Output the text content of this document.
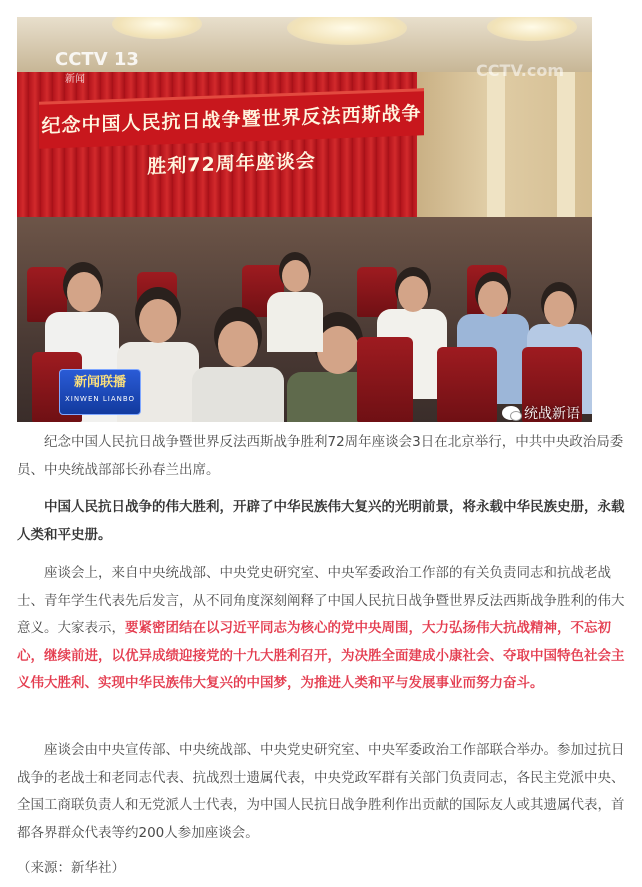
纪念中国人民抗日战争暨世界反法西斯战争胜利72周年座谈会
CCTV 13
新闻	CCTV.com
新闻联播
XINWEN LIANBO
统战新语

纪念中国人民抗日战争暨世界反法西斯战争胜利72周年座谈会3日在北京举行，中共中央政治局委员、中央统战部部长孙春兰出席。

中国人民抗日战争的伟大胜利，开辟了中华民族伟大复兴的光明前景，将永载中华民族史册，永载人类和平史册。

座谈会上，来自中央统战部、中央党史研究室、中央军委政治工作部的有关负责同志和抗战老战士、青年学生代表先后发言，从不同角度深刻阐释了中国人民抗日战争暨世界反法西斯战争胜利的伟大意义。大家表示，要紧密团结在以习近平同志为核心的党中央周围，大力弘扬伟大抗战精神，不忘初心，继续前进，以优异成绩迎接党的十九大胜利召开，为决胜全面建成小康社会、夺取中国特色社会主义伟大胜利、实现中华民族伟大复兴的中国梦，为推进人类和平与发展事业而努力奋斗。

座谈会由中央宣传部、中央统战部、中央党史研究室、中央军委政治工作部联合举办。参加过抗日战争的老战士和老同志代表、抗战烈士遗属代表，中央党政军群有关部门负责同志，各民主党派中央、全国工商联负责人和无党派人士代表，为中国人民抗日战争胜利作出贡献的国际友人或其遗属代表，首都各界群众代表等约200人参加座谈会。

（来源：新华社）
